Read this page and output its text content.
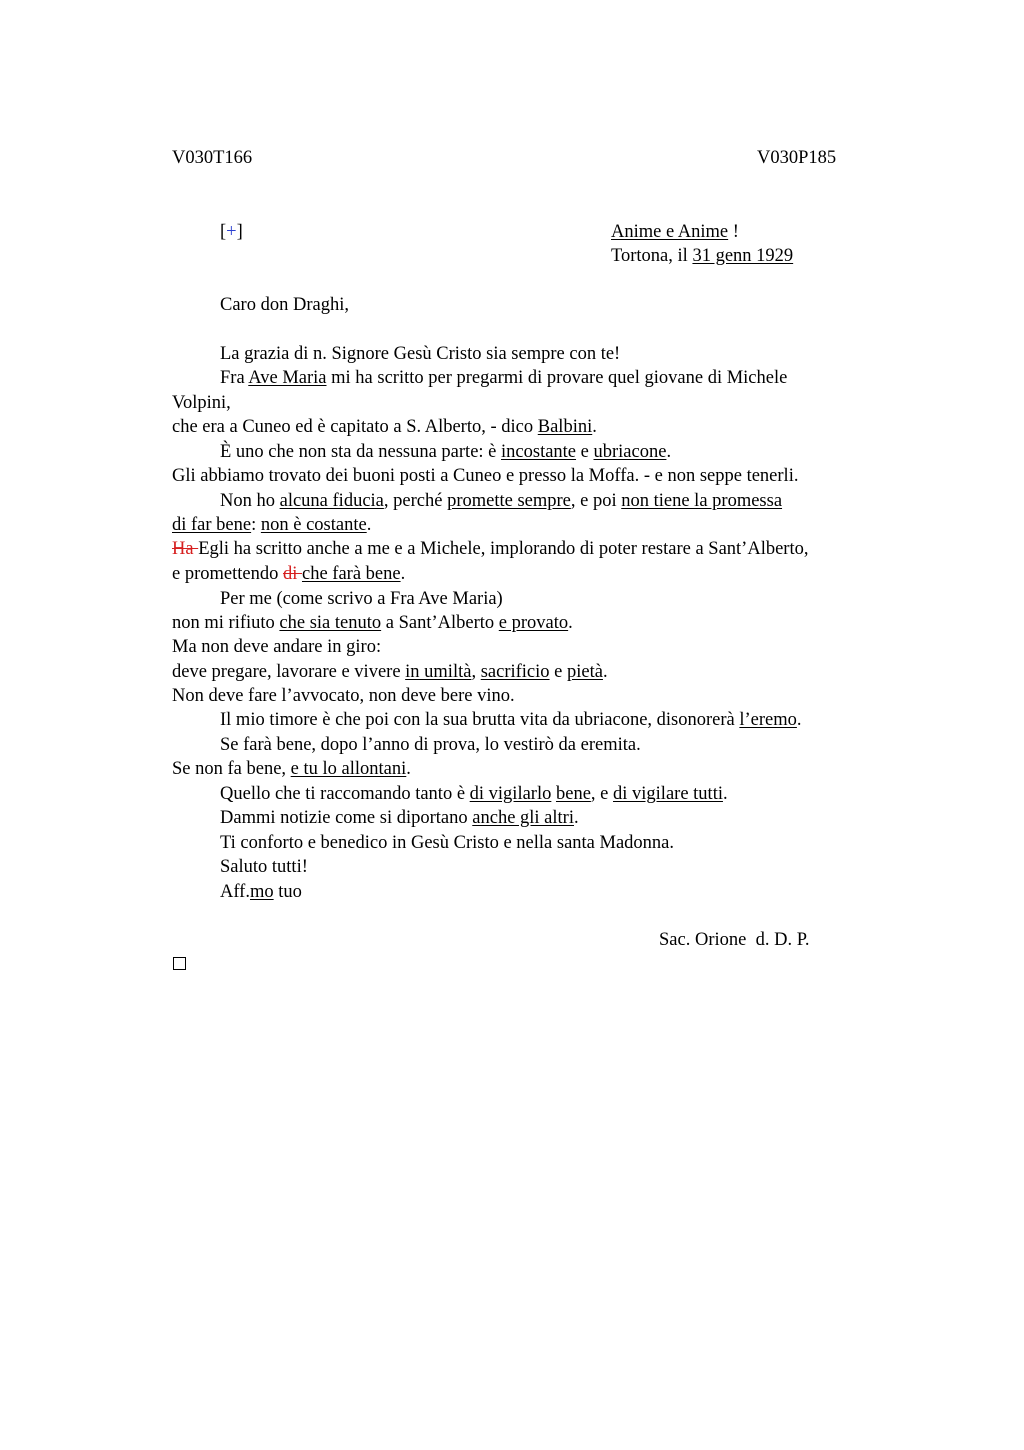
V030T166	V030P185
[+]	Anime e Anime !
Tortona, il 31 genn 1929
Caro don Draghi,
La grazia di n. Signore Gesù Cristo sia sempre con te!
Fra Ave Maria mi ha scritto per pregarmi di provare quel giovane di Michele
Volpini,
che era a Cuneo ed è capitato a S. Alberto, - dico Balbini.
È uno che non sta da nessuna parte: è incostante e ubriacone.
Gli abbiamo trovato dei buoni posti a Cuneo e presso la Moffa. - e non seppe tenerli.
Non ho alcuna fiducia, perché promette sempre, e poi non tiene la promessa
di far bene: non è costante.
Ha Egli ha scritto anche a me e a Michele, implorando di poter restare a Sant’Alberto,
e promettendo di che farà bene.
Per me (come scrivo a Fra Ave Maria)
non mi rifiuto che sia tenuto a Sant’Alberto e provato.
Ma non deve andare in giro:
deve pregare, lavorare e vivere in umiltà, sacrificio e pietà.
Non deve fare l’avvocato, non deve bere vino.
Il mio timore è che poi con la sua brutta vita da ubriacone, disonorerà l’eremo.
Se farà bene, dopo l’anno di prova, lo vestirò da eremita.
Se non fa bene, e tu lo allontani.
Quello che ti raccomando tanto è di vigilarlo bene, e di vigilare tutti.
Dammi notizie come si diportano anche gli altri.
Ti conforto e benedico in Gesù Cristo e nella santa Madonna.
Saluto tutti!
Aff.mo tuo
Sac. Orione  d. D. P.
